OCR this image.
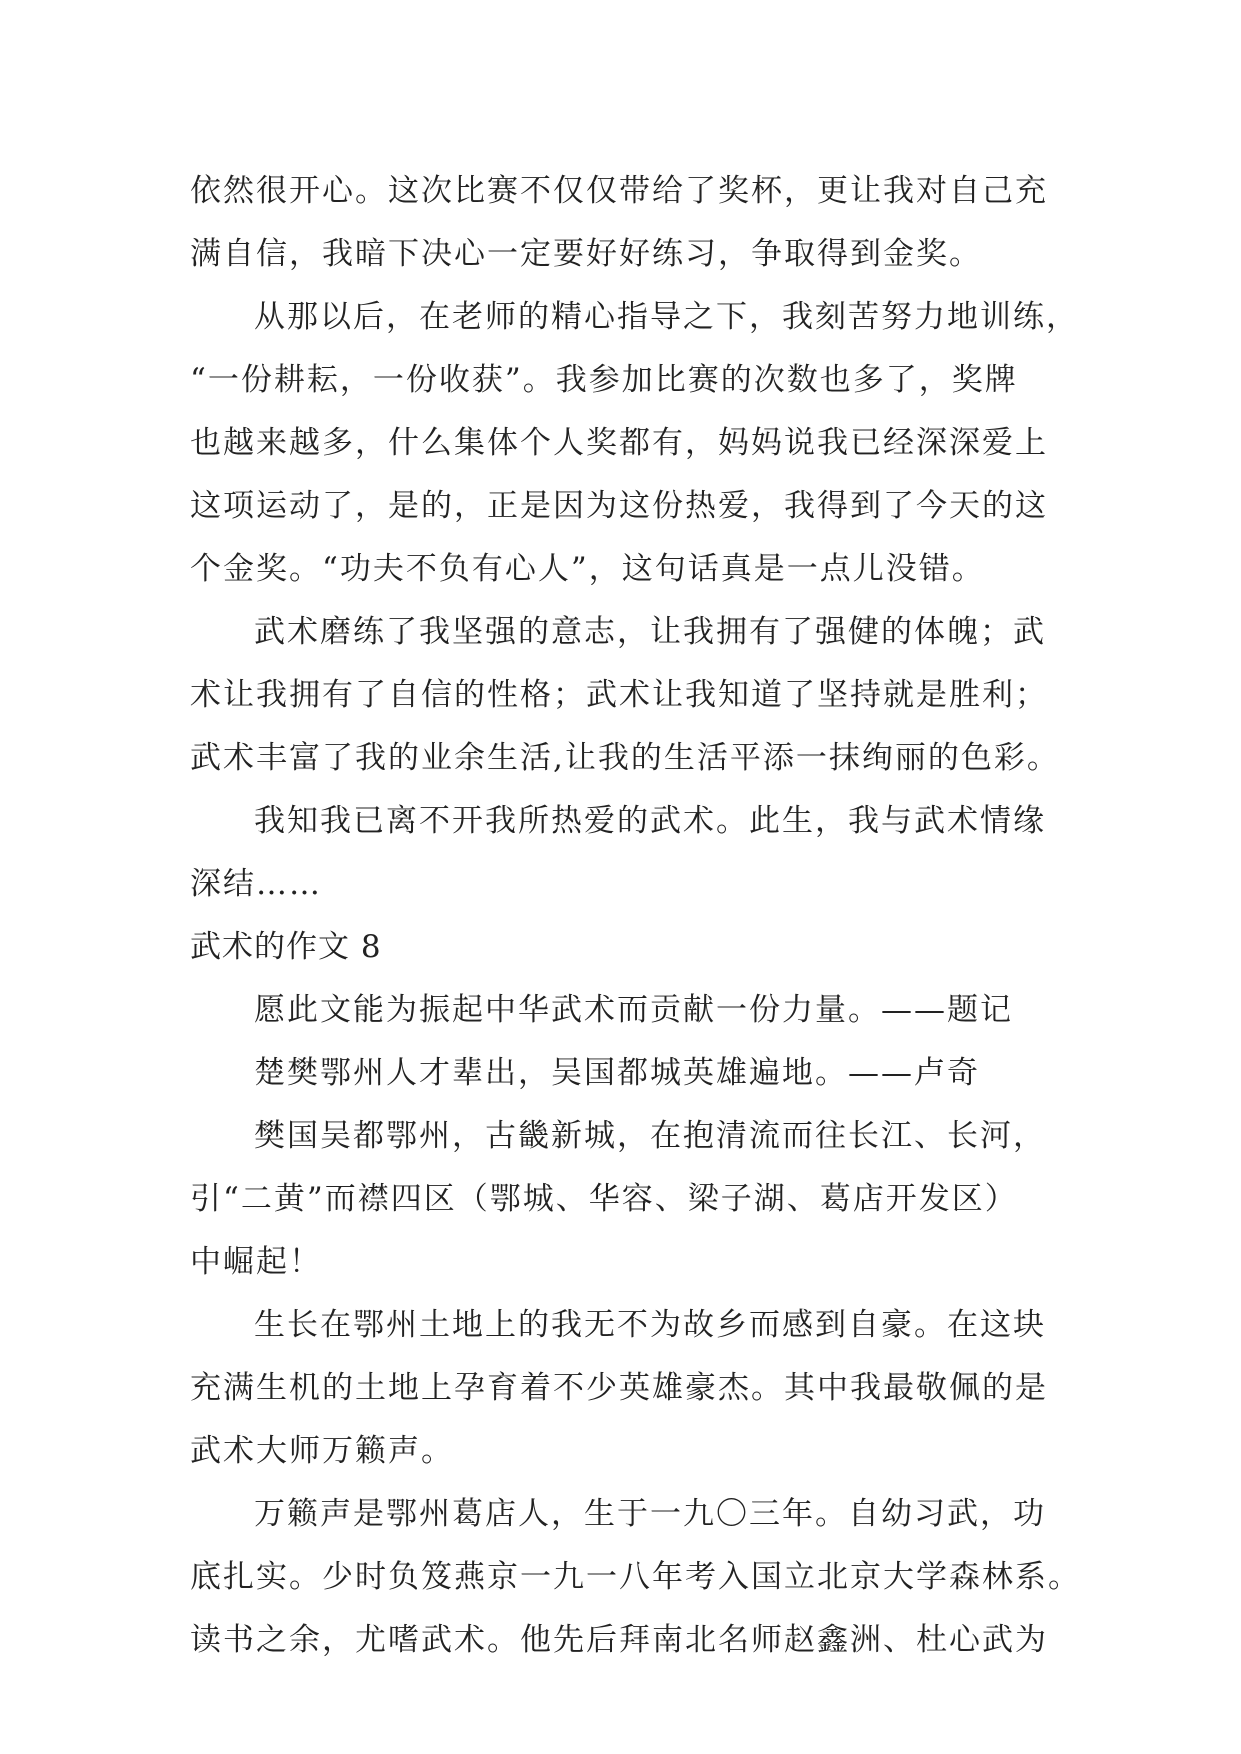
依然很开心。这次比赛不仅仅带给了奖杯，更让我对自己充
满自信，我暗下决心一定要好好练习，争取得到金奖。
从那以后，在老师的精心指导之下，我刻苦努力地训练，
“一份耕耘，一份收获”。我参加比赛的次数也多了，奖牌
也越来越多，什么集体个人奖都有，妈妈说我已经深深爱上
这项运动了，是的，正是因为这份热爱，我得到了今天的这
个金奖。“功夫不负有心人”，这句话真是一点儿没错。
武术磨练了我坚强的意志，让我拥有了强健的体魄；武
术让我拥有了自信的性格；武术让我知道了坚持就是胜利；
武术丰富了我的业余生活,让我的生活平添一抹绚丽的色彩。
我知我已离不开我所热爱的武术。此生，我与武术情缘
深结……
武术的作文 8
愿此文能为振起中华武术而贡献一份力量。——题记
楚樊鄂州人才辈出，吴国都城英雄遍地。——卢奇
樊国吴都鄂州，古畿新城，在抱清流而往长江、长河，
引“二黄”而襟四区（鄂城、华容、梁子湖、葛店开发区）
中崛起！
生长在鄂州土地上的我无不为故乡而感到自豪。在这块
充满生机的土地上孕育着不少英雄豪杰。其中我最敬佩的是
武术大师万籁声。
万籁声是鄂州葛店人，生于一九〇三年。自幼习武，功
底扎实。少时负笈燕京一九一八年考入国立北京大学森林系。
读书之余，尤嗜武术。他先后拜南北名师赵鑫洲、杜心武为
